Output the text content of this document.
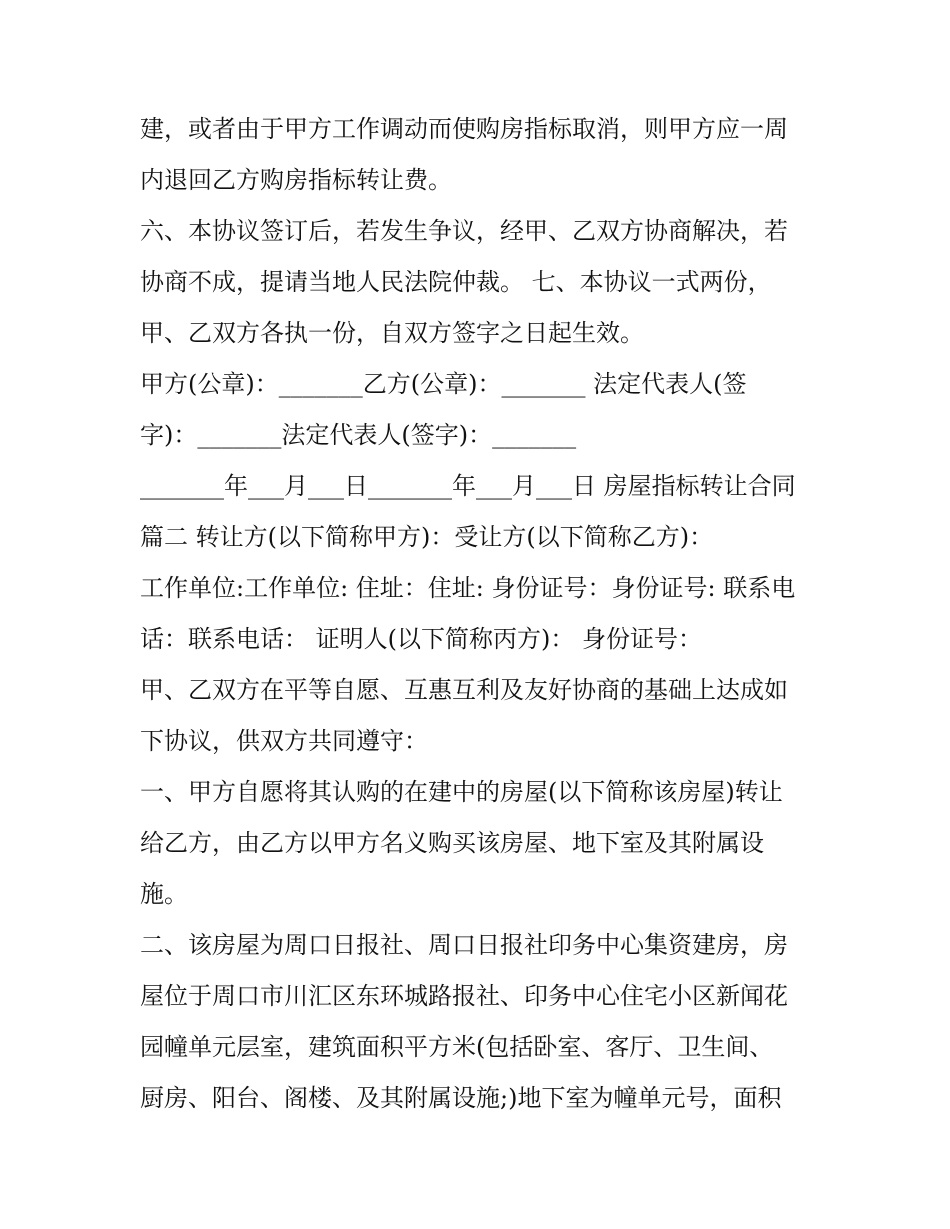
建，或者由于甲方工作调动而使购房指标取消，则甲方应一周
内退回乙方购房指标转让费。
六、本协议签订后，若发生争议，经甲、乙双方协商解决，若
协商不成，提请当地人民法院仲裁。 七、本协议一式两份，
甲、乙双方各执一份，自双方签字之日起生效。
甲方(公章)：_______乙方(公章)：_______ 法定代表人(签
字)：_______法定代表人(签字)：_______
_______年___月___日_______年___月___日 房屋指标转让合同
篇二 转让方(以下简称甲方)：受让方(以下简称乙方)：
工作单位:工作单位: 住址：住址: 身份证号：身份证号: 联系电
话：联系电话： 证明人(以下简称丙方)： 身份证号：
甲、乙双方在平等自愿、互惠互利及友好协商的基础上达成如
下协议，供双方共同遵守：
一、甲方自愿将其认购的在建中的房屋(以下简称该房屋)转让
给乙方，由乙方以甲方名义购买该房屋、地下室及其附属设
施。
二、该房屋为周口日报社、周口日报社印务中心集资建房，房
屋位于周口市川汇区东环城路报社、印务中心住宅小区新闻花
园幢单元层室，建筑面积平方米(包括卧室、客厅、卫生间、
厨房、阳台、阁楼、及其附属设施;)地下室为幢单元号，面积
